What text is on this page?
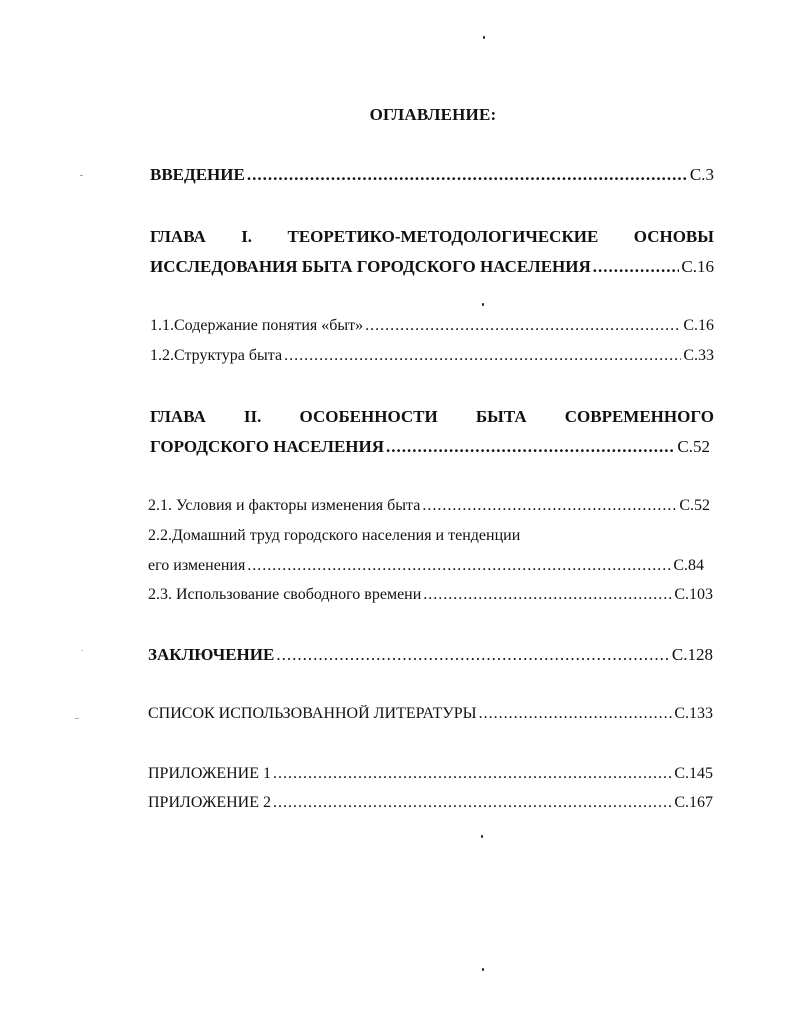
ОГЛАВЛЕНИЕ:
ВВЕДЕНИЕ .....	С.3
ГЛАВА I. ТЕОРЕТИКО-МЕТОДОЛОГИЧЕСКИЕ ОСНОВЫ
ИССЛЕДОВАНИЯ БЫТА ГОРОДСКОГО НАСЕЛЕНИЯ .....	С.16
1.1. Содержание понятия «быт» .....	С.16
1.2. Структура быта .....	С.33
ГЛАВА II. ОСОБЕННОСТИ БЫТА СОВРЕМЕННОГО
ГОРОДСКОГО НАСЕЛЕНИЯ .....	С.52
2.1. Условия и факторы изменения быта .....	С.52
2.2.Домашний труд городского населения и тенденции
его изменения .....	С.84
2.3. Использование свободного времени .....	С.103
ЗАКЛЮЧЕНИЕ .....	С.128
СПИСОК ИСПОЛЬЗОВАННОЙ ЛИТЕРАТУРЫ .....	С.133
ПРИЛОЖЕНИЕ 1 .....	С.145
ПРИЛОЖЕНИЕ 2 .....	С.167
